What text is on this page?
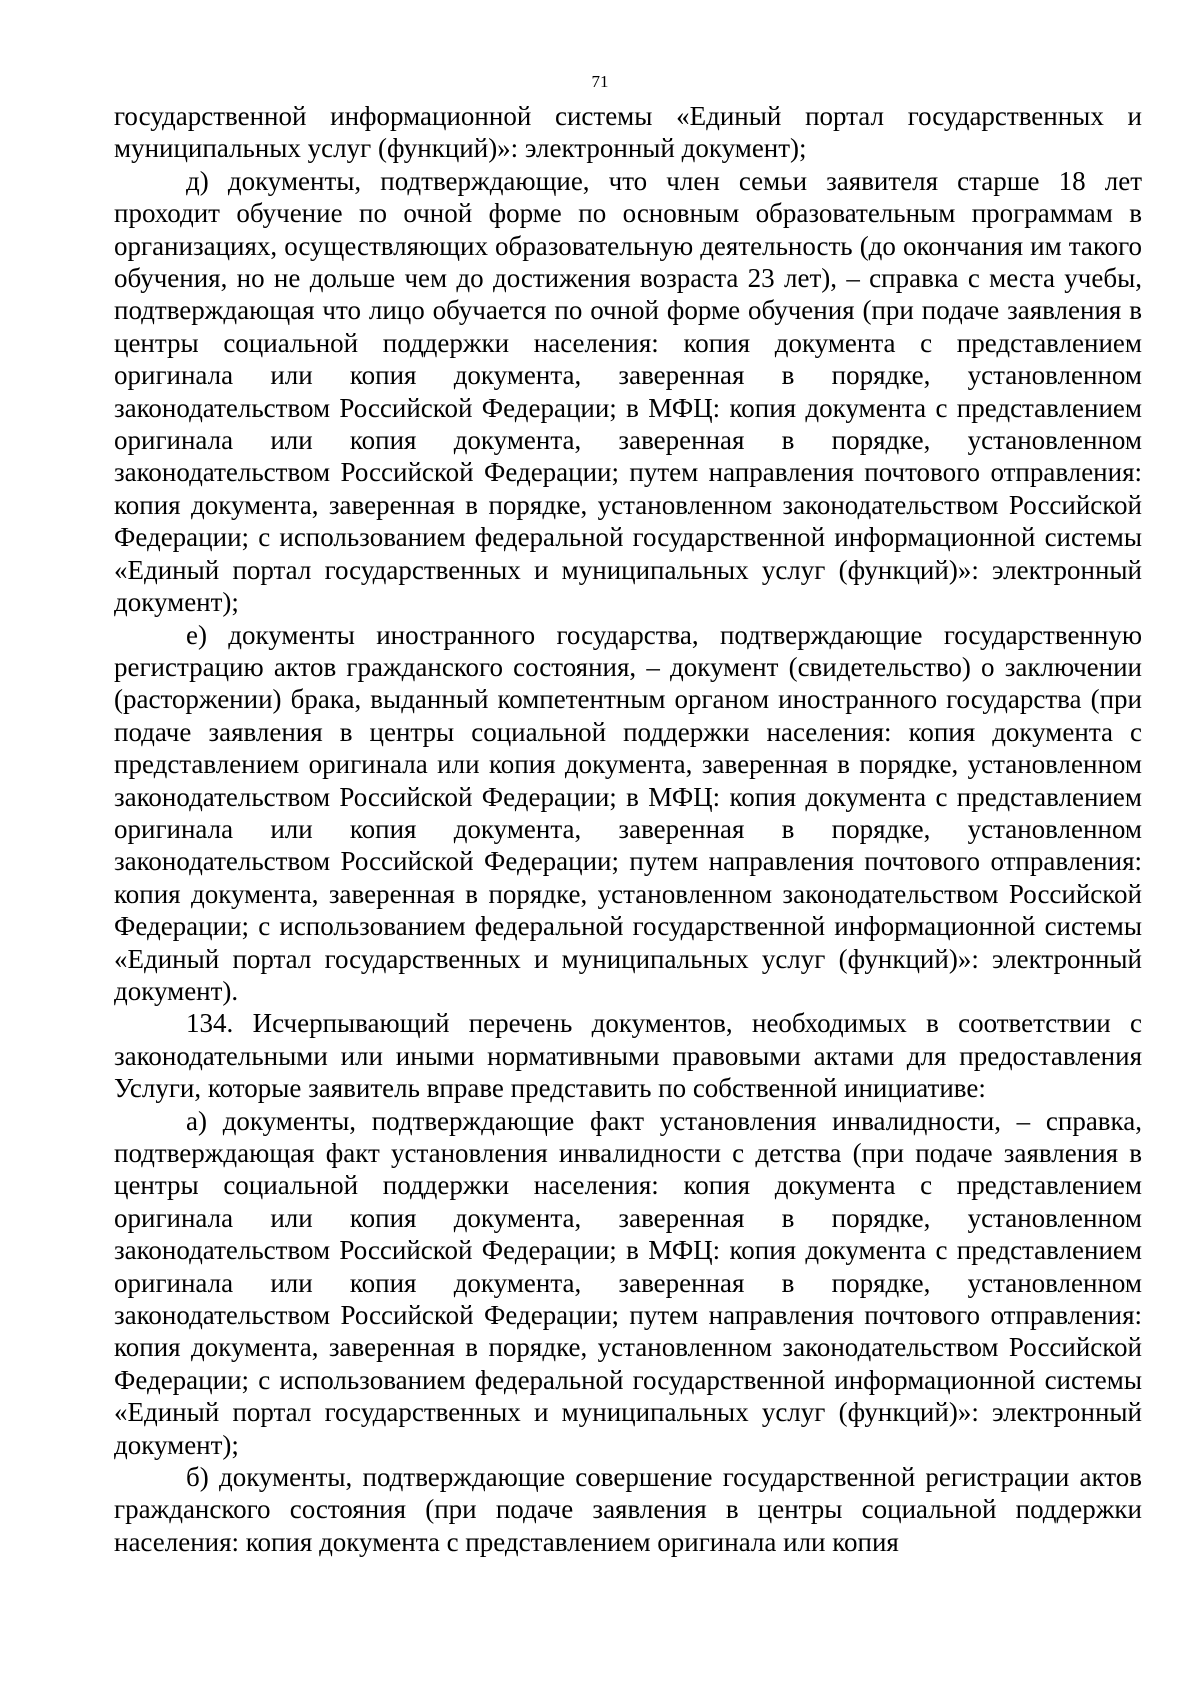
71

государственной информационной системы «Единый портал государственных и муниципальных услуг (функций)»: электронный документ);

д) документы, подтверждающие, что член семьи заявителя старше 18 лет проходит обучение по очной форме по основным образовательным программам в организациях, осуществляющих образовательную деятельность (до окончания им такого обучения, но не дольше чем до достижения возраста 23 лет), – справка с места учебы, подтверждающая что лицо обучается по очной форме обучения (при подаче заявления в центры социальной поддержки населения: копия документа с представлением оригинала или копия документа, заверенная в порядке, установленном законодательством Российской Федерации; в МФЦ: копия документа с представлением оригинала или копия документа, заверенная в порядке, установленном законодательством Российской Федерации; путем направления почтового отправления: копия документа, заверенная в порядке, установленном законодательством Российской Федерации; с использованием федеральной государственной информационной системы «Единый портал государственных и муниципальных услуг (функций)»: электронный документ);

е) документы иностранного государства, подтверждающие государственную регистрацию актов гражданского состояния, – документ (свидетельство) о заключении (расторжении) брака, выданный компетентным органом иностранного государства (при подаче заявления в центры социальной поддержки населения: копия документа с представлением оригинала или копия документа, заверенная в порядке, установленном законодательством Российской Федерации; в МФЦ: копия документа с представлением оригинала или копия документа, заверенная в порядке, установленном законодательством Российской Федерации; путем направления почтового отправления: копия документа, заверенная в порядке, установленном законодательством Российской Федерации; с использованием федеральной государственной информационной системы «Единый портал государственных и муниципальных услуг (функций)»: электронный документ).

134. Исчерпывающий перечень документов, необходимых в соответствии с законодательными или иными нормативными правовыми актами для предоставления Услуги, которые заявитель вправе представить по собственной инициативе:

а) документы, подтверждающие факт установления инвалидности, – справка, подтверждающая факт установления инвалидности с детства (при подаче заявления в центры социальной поддержки населения: копия документа с представлением оригинала или копия документа, заверенная в порядке, установленном законодательством Российской Федерации; в МФЦ: копия документа с представлением оригинала или копия документа, заверенная в порядке, установленном законодательством Российской Федерации; путем направления почтового отправления: копия документа, заверенная в порядке, установленном законодательством Российской Федерации; с использованием федеральной государственной информационной системы «Единый портал государственных и муниципальных услуг (функций)»: электронный документ);

б) документы, подтверждающие совершение государственной регистрации актов гражданского состояния (при подаче заявления в центры социальной поддержки населения: копия документа с представлением оригинала или копия
